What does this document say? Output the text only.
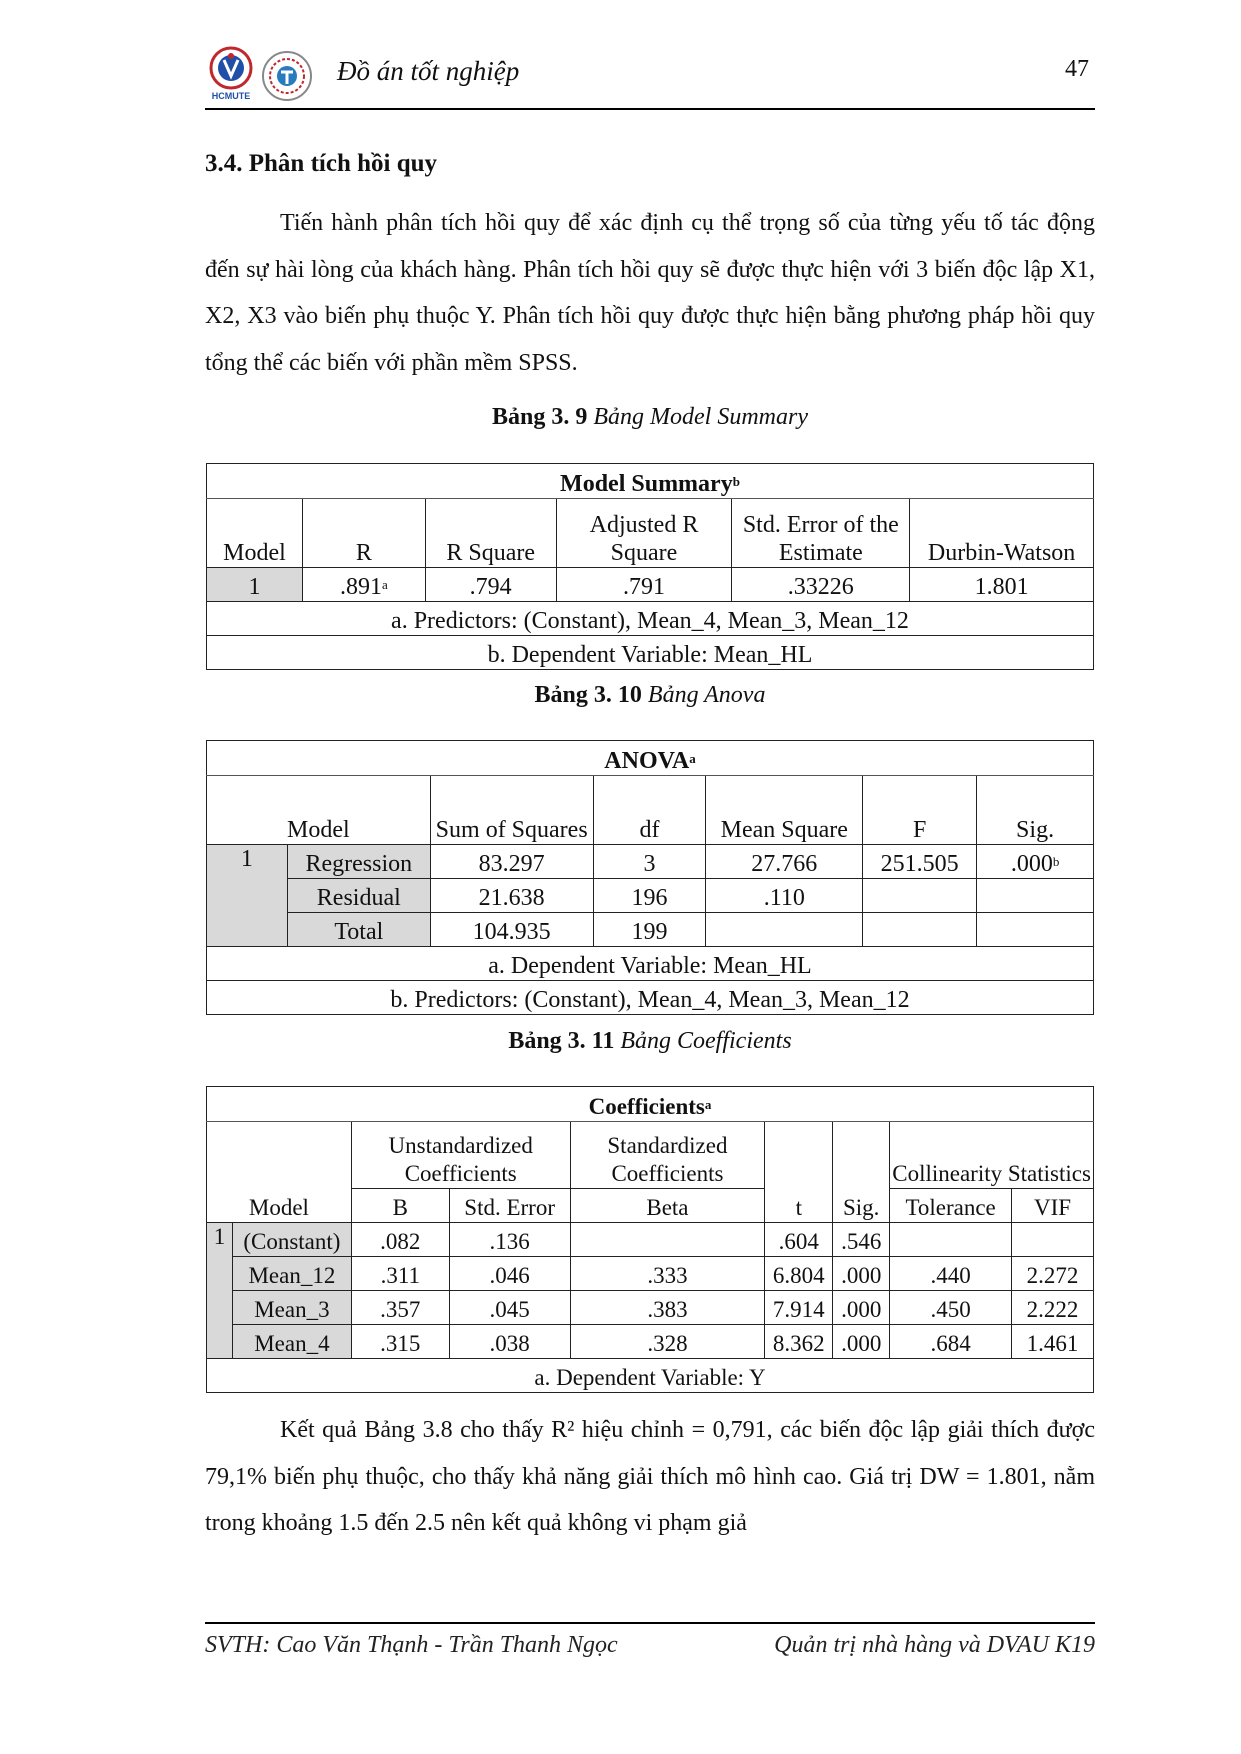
HCMUTE
Đồ án tốt nghiệp	47
3.4. Phân tích hồi quy

Tiến hành phân tích hồi quy để xác định cụ thể trọng số của từng yếu tố tác động đến sự hài lòng của khách hàng. Phân tích hồi quy sẽ được thực hiện với 3 biến độc lập X1, X2, X3 vào biến phụ thuộc Y. Phân tích hồi quy được thực hiện bằng phương pháp hồi quy tổng thể các biến với phần mềm SPSS.

Bảng 3. 9 Bảng Model Summary
Model Summary$^b$
Model	R	R Square	Adjusted R Square	Std. Error of the Estimate	Durbin-Watson
1	.891$^a$	.794	.791	.33226	1.801
a. Predictors: (Constant), Mean_4, Mean_3, Mean_12					
b. Dependent Variable: Mean_HL					
Bảng 3. 10 Bảng Anova
ANOVA$^a$
Model		Sum of Squares	df	Mean Square	F	Sig.
1	Regression	83.297	3	27.766	251.505	.000$^b$
	Residual	21.638	196	.110		
	Total	104.935	199			
a. Dependent Variable: Mean_HL						
b. Predictors: (Constant), Mean_4, Mean_3, Mean_12						
Bảng 3. 11 Bảng Coefficients
Coefficients$^a$
Model		Unstandardized Coefficients		Standardized Coefficients	t	Sig.	Collinearity Statistics	
		B	Std. Error	Beta			Tolerance	VIF
1	(Constant)	.082	.136		.604	.546		
	Mean_12	.311	.046	.333	6.804	.000	.440	2.272
	Mean_3	.357	.045	.383	7.914	.000	.450	2.222
	Mean_4	.315	.038	.328	8.362	.000	.684	1.461
a. Dependent Variable: Y								

Kết quả Bảng 3.8 cho thấy R² hiệu chỉnh = 0,791, các biến độc lập giải thích được 79,1% biến phụ thuộc, cho thấy khả năng giải thích mô hình cao. Giá trị DW = 1.801, nằm trong khoảng 1.5 đến 2.5 nên kết quả không vi phạm giả

SVTH: Cao Văn Thạnh - Trần Thanh Ngọc	Quản trị nhà hàng và DVAU K19
